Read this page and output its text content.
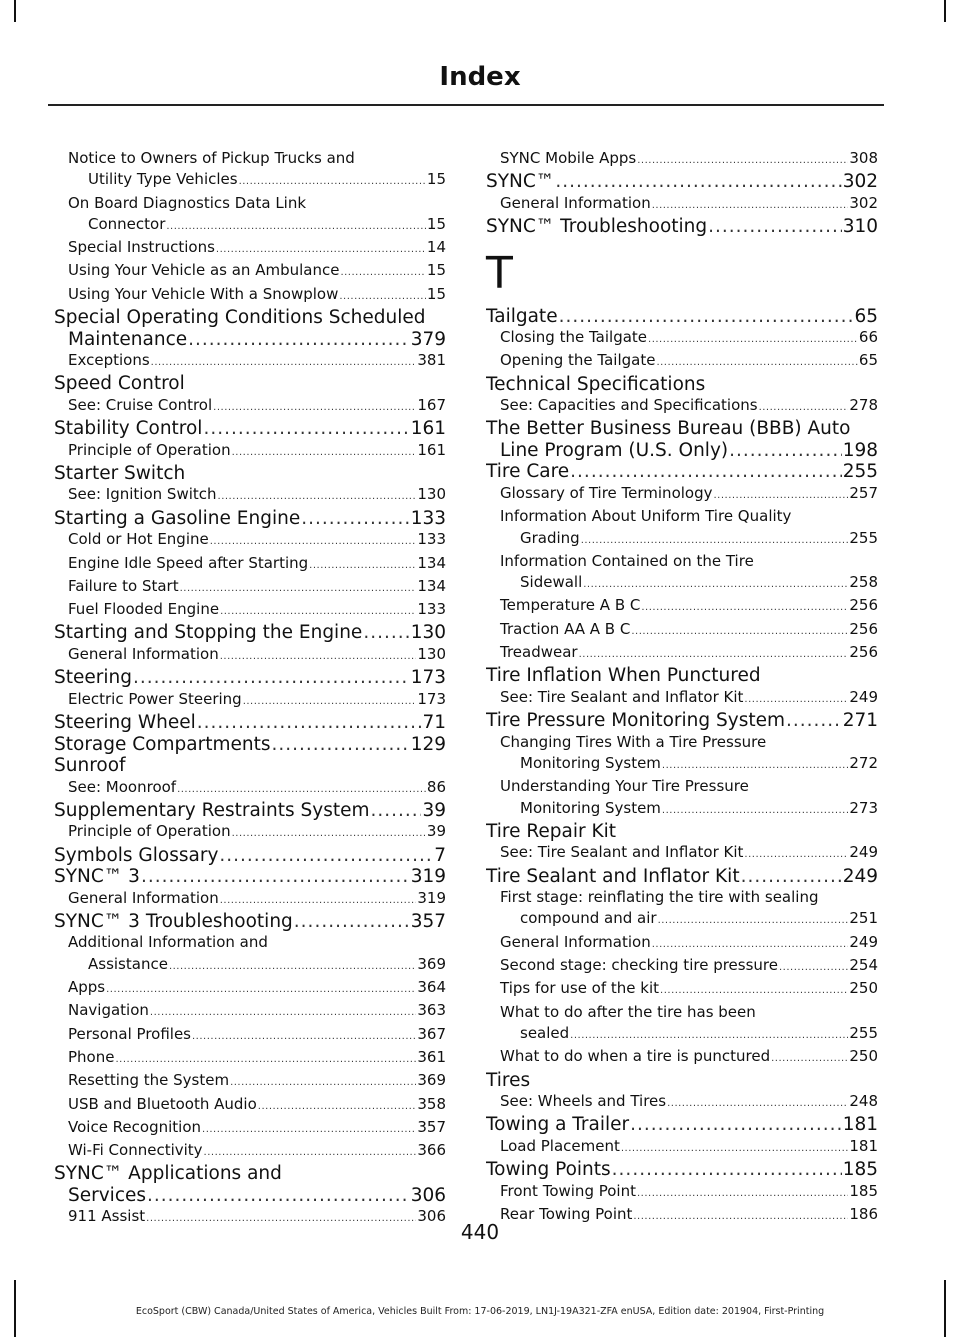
Index
Notice to Owners of Pickup Trucks and
Utility Type Vehicles .....	15
On Board Diagnostics Data Link
Connector .....	15
Special Instructions .....	14
Using Your Vehicle as an Ambulance .....	15
Using Your Vehicle With a Snowplow .....	15
Special Operating Conditions Scheduled
Maintenance .....	379
Exceptions .....	381
Speed Control
See: Cruise Control .....	167
Stability Control .....	161
Principle of Operation .....	161
Starter Switch
See: Ignition Switch .....	130
Starting a Gasoline Engine .....	133
Cold or Hot Engine .....	133
Engine Idle Speed after Starting .....	134
Failure to Start .....	134
Fuel Flooded Engine .....	133
Starting and Stopping the Engine .....	130
General Information .....	130
Steering .....	173
Electric Power Steering .....	173
Steering Wheel .....	71
Storage Compartments .....	129
Sunroof
See: Moonroof .....	86
Supplementary Restraints System .....	39
Principle of Operation .....	39
Symbols Glossary .....	7
SYNC™ 3 .....	319
General Information .....	319
SYNC™ 3 Troubleshooting .....	357
Additional Information and
Assistance .....	369
Apps .....	364
Navigation .....	363
Personal Profiles .....	367
Phone .....	361
Resetting the System .....	369
USB and Bluetooth Audio .....	358
Voice Recognition .....	357
Wi-Fi Connectivity .....	366
SYNC™ Applications and
Services .....	306
911 Assist .....	306
SYNC Mobile Apps .....	308
SYNC™ .....	302
General Information .....	302
SYNC™ Troubleshooting .....	310
T
Tailgate .....	65
Closing the Tailgate .....	66
Opening the Tailgate .....	65
Technical Specifications
See: Capacities and Specifications .....	278
The Better Business Bureau (BBB) Auto
Line Program (U.S. Only) .....	198
Tire Care .....	255
Glossary of Tire Terminology .....	257
Information About Uniform Tire Quality
Grading .....	255
Information Contained on the Tire
Sidewall .....	258
Temperature A B C .....	256
Traction AA A B C .....	256
Treadwear .....	256
Tire Inflation When Punctured
See: Tire Sealant and Inflator Kit .....	249
Tire Pressure Monitoring System .....	271
Changing Tires With a Tire Pressure
Monitoring System .....	272
Understanding Your Tire Pressure
Monitoring System .....	273
Tire Repair Kit
See: Tire Sealant and Inflator Kit .....	249
Tire Sealant and Inflator Kit .....	249
First stage: reinflating the tire with sealing
compound and air .....	251
General Information .....	249
Second stage: checking tire pressure .....	254
Tips for use of the kit .....	250
What to do after the tire has been
sealed .....	255
What to do when a tire is punctured .....	250
Tires
See: Wheels and Tires .....	248
Towing a Trailer .....	181
Load Placement .....	181
Towing Points .....	185
Front Towing Point .....	185
Rear Towing Point .....	186
440
EcoSport (CBW) Canada/United States of America, Vehicles Built From: 17-06-2019, LN1J-19A321-ZFA enUSA, Edition date: 201904, First-Printing
